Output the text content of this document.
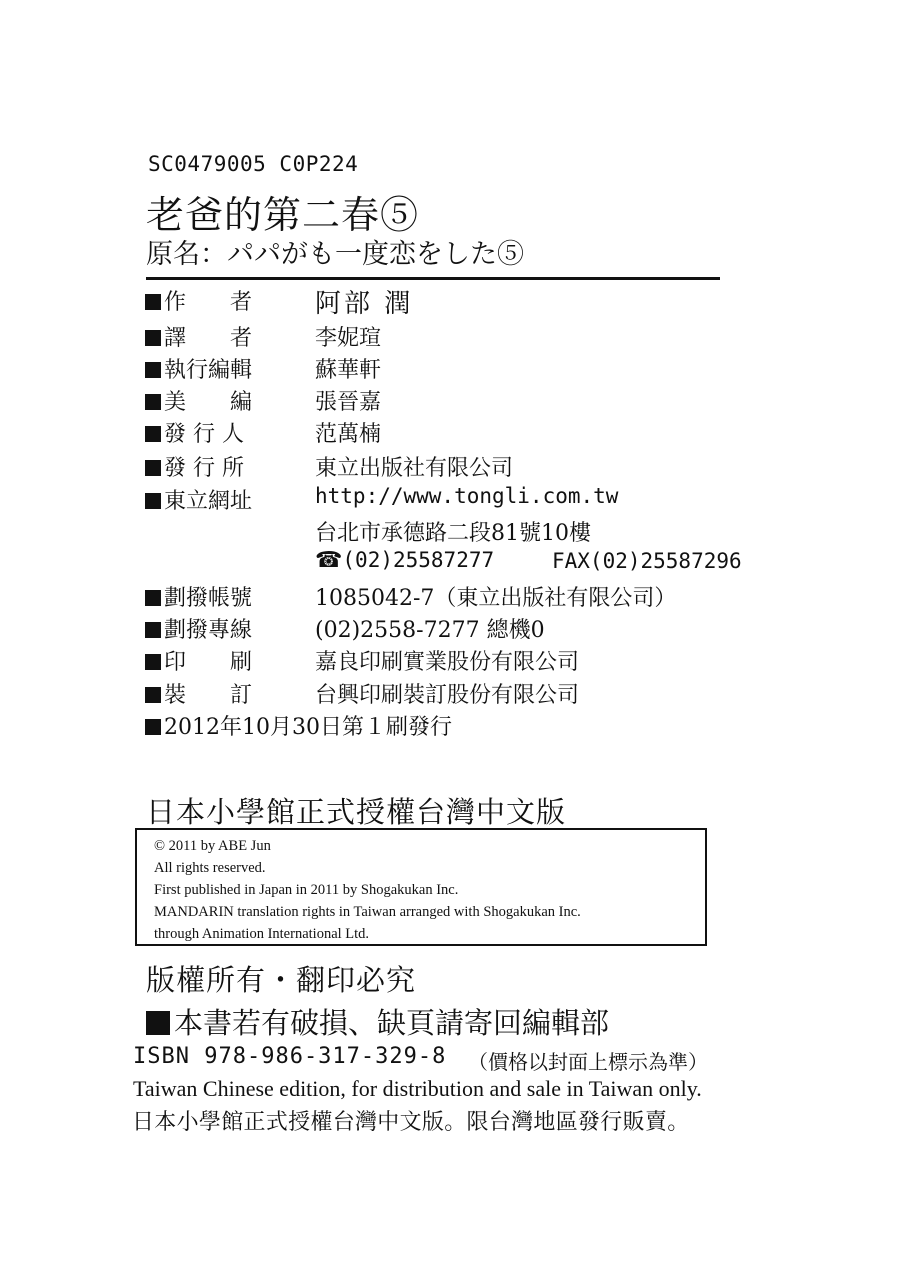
SC0479005 C0P224
老爸的第二春⑤
原名：パパがも一度恋をした⑤
作　　者	阿部 潤
譯　　者	李妮瑄
執行編輯	蘇華軒
美　　編	張晉嘉
發 行 人	范萬楠
發 行 所	東立出版社有限公司
東立網址	http://www.tongli.com.tw
台北市承德路二段81號10樓
☎(02)25587277	FAX(02)25587296
劃撥帳號	1085042-7（東立出版社有限公司）
劃撥專線	(02)2558-7277 總機0
印　　刷	嘉良印刷實業股份有限公司
裝　　訂	台興印刷裝訂股份有限公司
2012年10月30日第１刷發行
日本小學館正式授權台灣中文版
© 2011 by ABE Jun
All rights reserved.
First published in Japan in 2011 by Shogakukan Inc.
MANDARIN translation rights in Taiwan arranged with Shogakukan Inc.
through Animation International Ltd.
版權所有・翻印必究
本書若有破損、缺頁請寄回編輯部
ISBN 978-986-317-329-8 （價格以封面上標示為準）
Taiwan Chinese edition, for distribution and sale in Taiwan only.
日本小學館正式授權台灣中文版。限台灣地區發行販賣。
